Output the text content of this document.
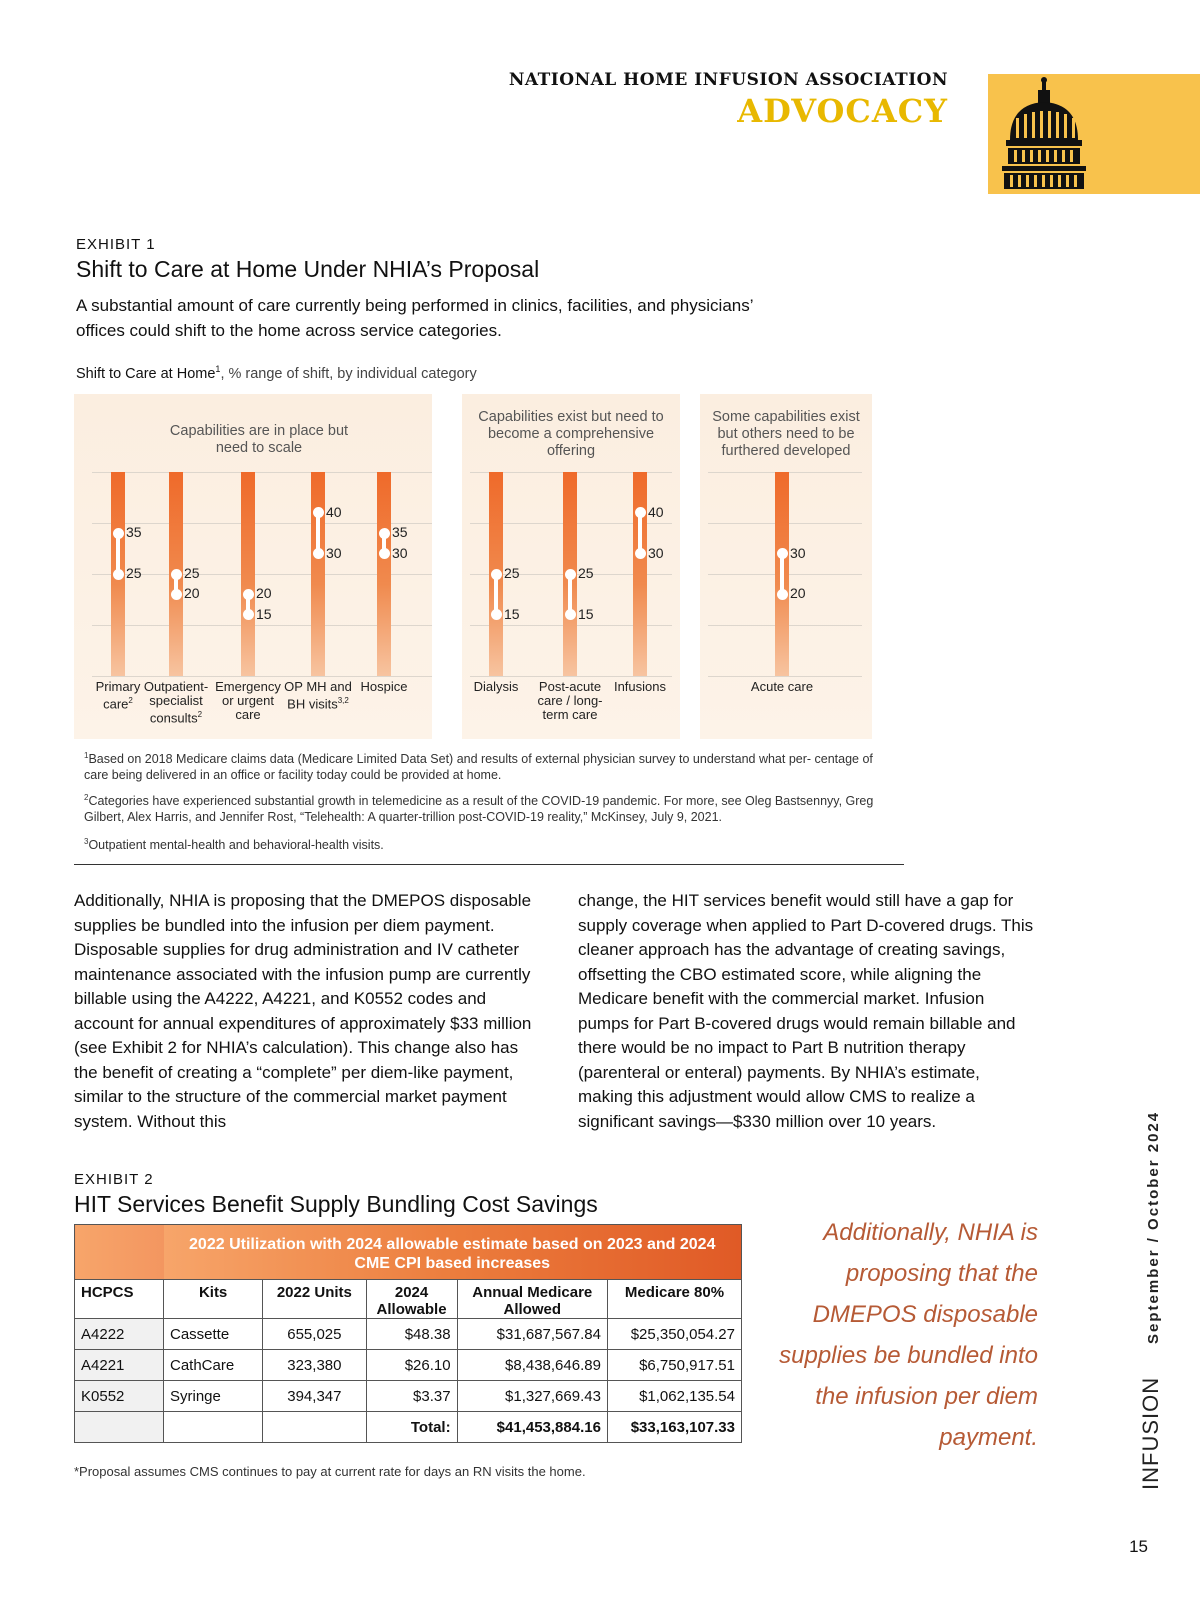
NATIONAL HOME INFUSION ASSOCIATION
ADVOCACY
EXHIBIT 1
Shift to Care at Home Under NHIA’s Proposal
A substantial amount of care currently being performed in clinics, facilities, and physicians’ offices could shift to the home across service categories.
Shift to Care at Home$^1$, % range of shift, by individual category
Capabilities are in place but need to scale
Capabilities exist but need to become a comprehensive offering
Some capabilities exist but others need to be furthered developed
35
25
Primary care$^2$
25
20
Outpatient-specialist consults$^2$
20
15
Emergency or urgent care
40
30
OP MH and BH visits$^{3,2}$
35
30
Hospice
25
15
Dialysis
25
15
Post-acute care / long-term care
40
30
Infusions
30
20
Acute care
$^1$Based on 2018 Medicare claims data (Medicare Limited Data Set) and results of external physician survey to understand what per- centage of care being delivered in an office or facility today could be provided at home.
$^2$Categories have experienced substantial growth in telemedicine as a result of the COVID-19 pandemic. For more, see Oleg Bastsennyy, Greg Gilbert, Alex Harris, and Jennifer Rost, “Telehealth: A quarter-trillion post-COVID-19 reality,” McKinsey, July 9, 2021.
$^3$Outpatient mental-health and behavioral-health visits.
Additionally, NHIA is proposing that the DMEPOS disposable supplies be bundled into the infusion per diem payment. Disposable supplies for drug administration and IV catheter maintenance associated with the infusion pump are currently billable using the A4222, A4221, and K0552 codes and account for annual expenditures of approximately $33 million (see Exhibit 2 for NHIA’s calculation). This change also has the benefit of creating a “complete” per diem-like payment, similar to the structure of the commercial market payment system. Without this
change, the HIT services benefit would still have a gap for supply coverage when applied to Part D-covered drugs. This cleaner approach has the advantage of creating savings, offsetting the CBO estimated score, while aligning the Medicare benefit with the commercial market. Infusion pumps for Part B-covered drugs would remain billable and there would be no impact to Part B nutrition therapy (parenteral or enteral) payments. By NHIA’s estimate, making this adjustment would allow CMS to realize a significant savings—$330 million over 10 years.
EXHIBIT 2
HIT Services Benefit Supply Bundling Cost Savings
	2022 Utilization with 2024 allowable estimate based on 2023 and 2024 CME CPI based increases				
HCPCS	Kits	2022 Units	2024 Allowable	Annual Medicare Allowed	Medicare 80%
A4222	Cassette	655,025	$48.38	$31,687,567.84	$25,350,054.27
A4221	CathCare	323,380	$26.10	$8,438,646.89	$6,750,917.51
K0552	Syringe	394,347	$3.37	$1,327,669.43	$1,062,135.54
			Total:	$41,453,884.16	$33,163,107.33
*Proposal assumes CMS continues to pay at current rate for days an RN visits the home.
Additionally, NHIA is proposing that the DMEPOS disposable supplies be bundled into the infusion per diem payment.	INFUSION  September / October 2024
15
